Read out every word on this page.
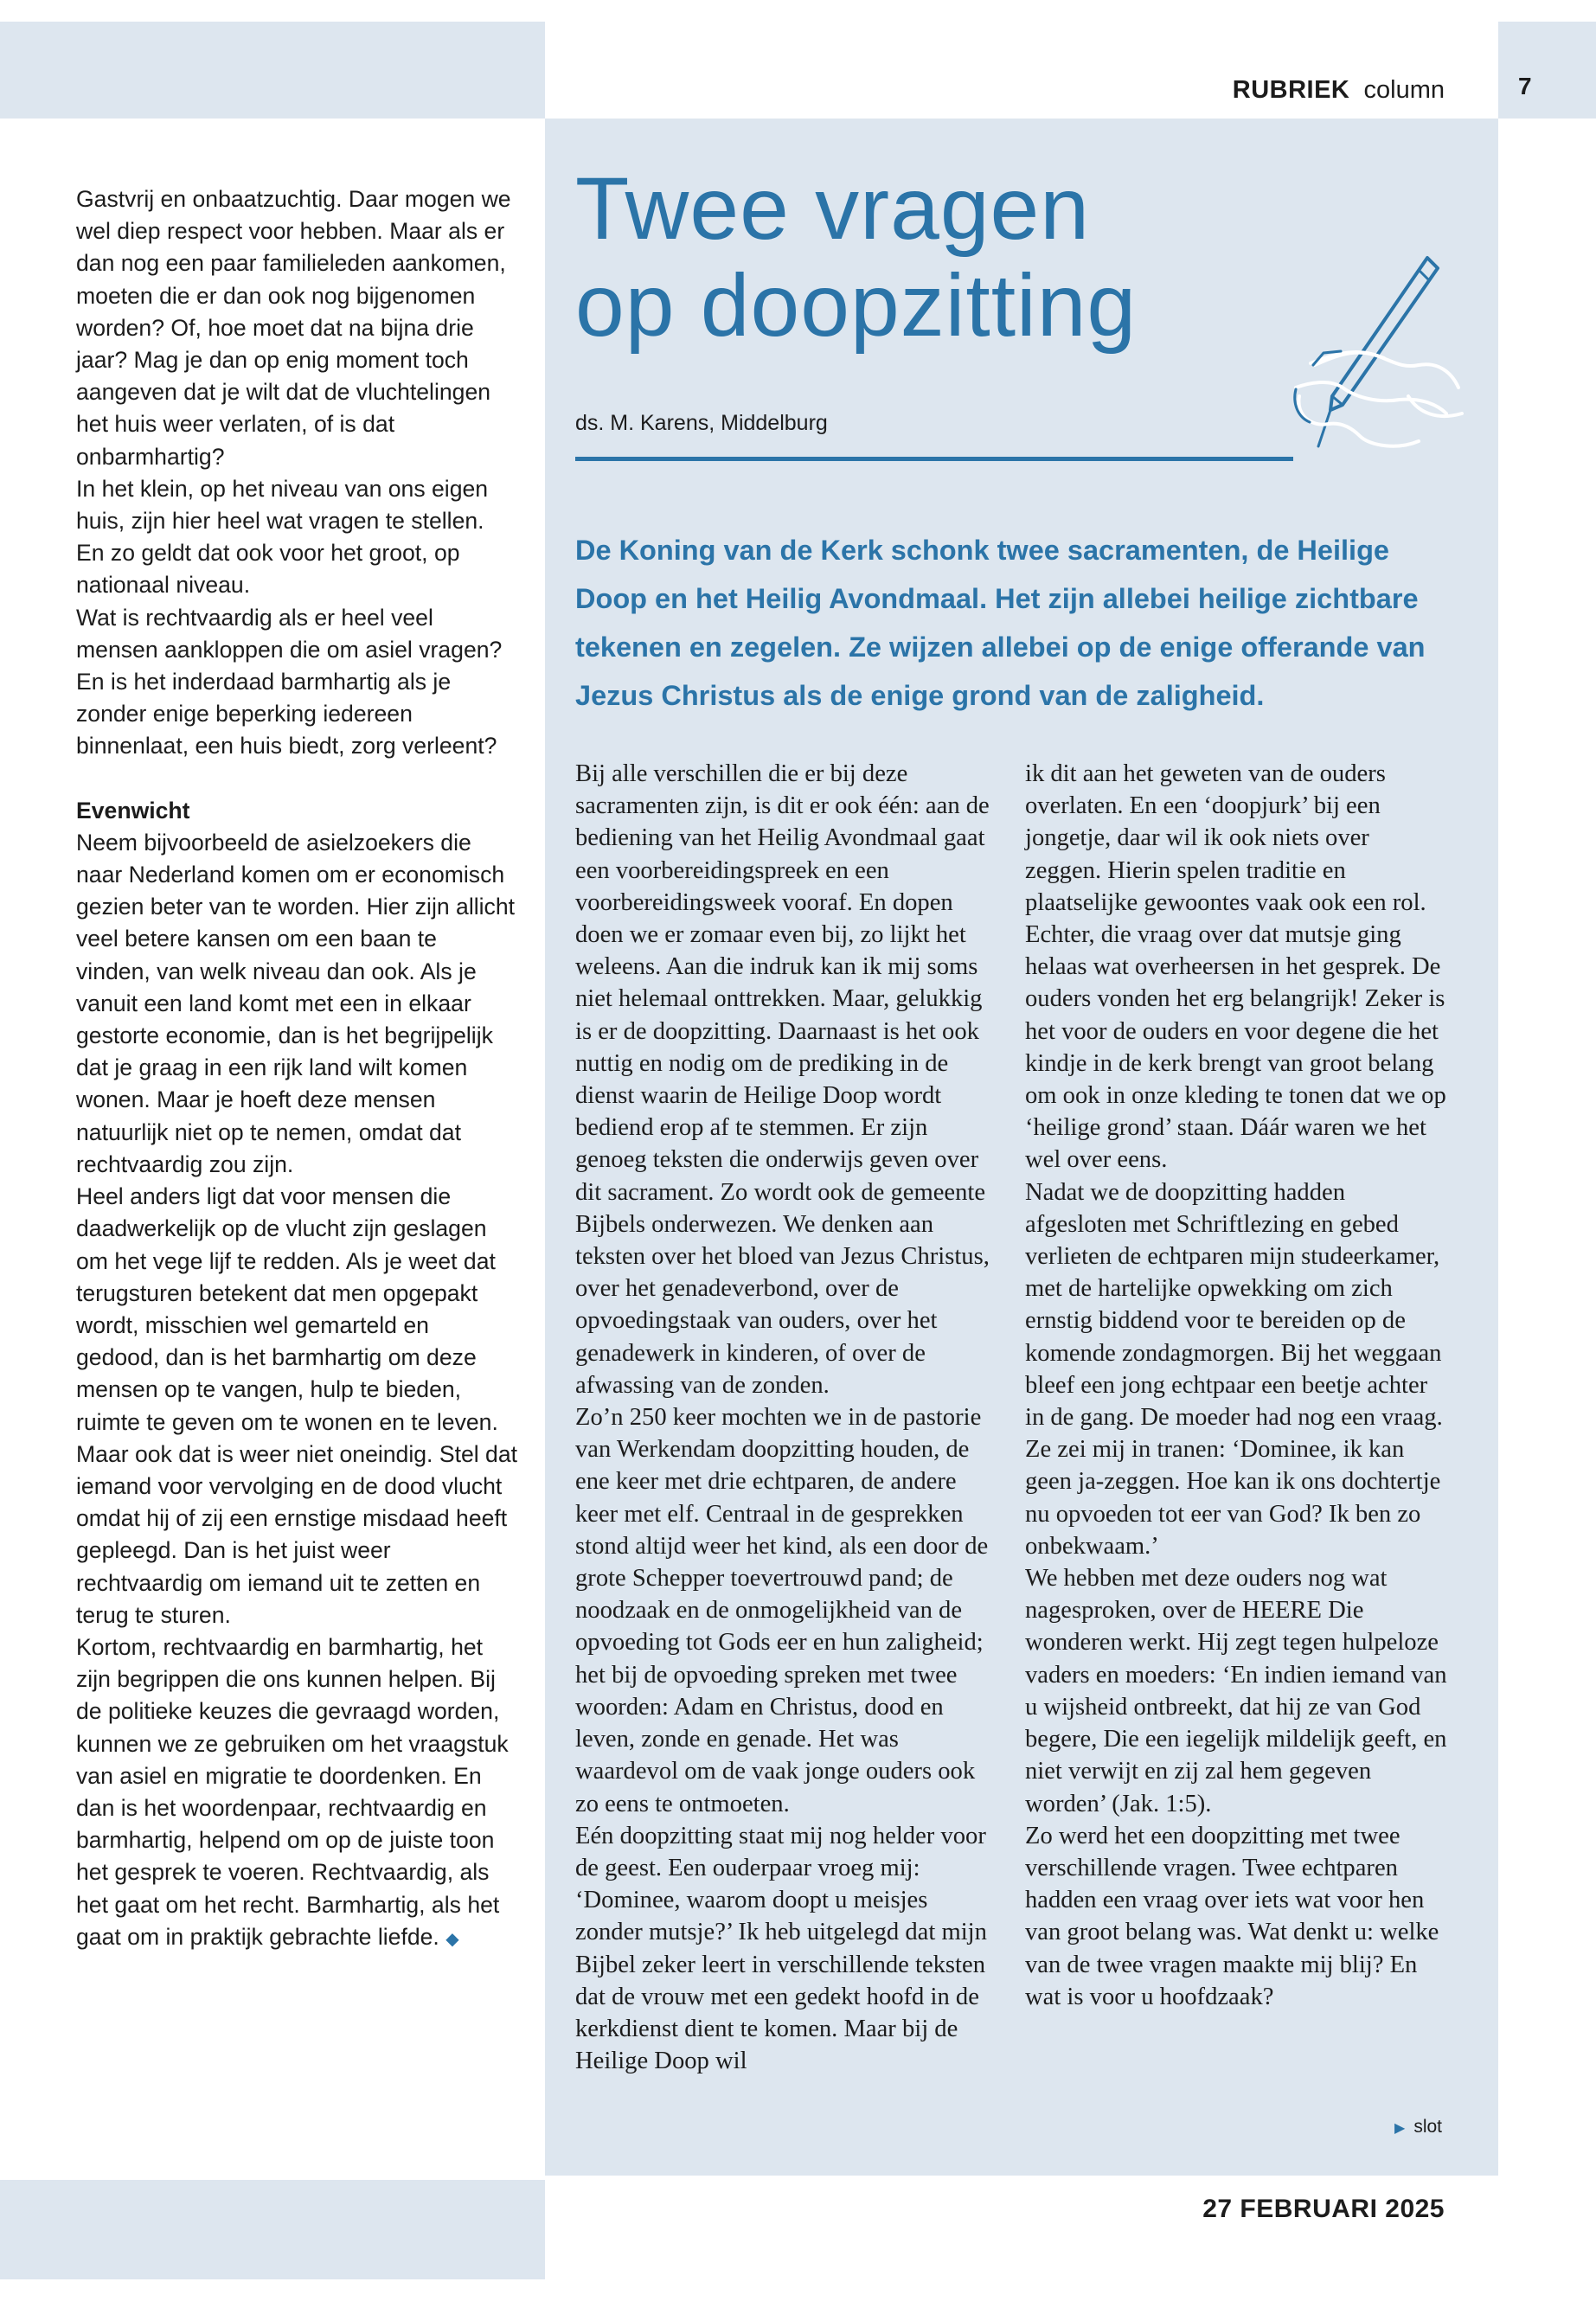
RUBRIEK column	7

Gastvrij en onbaatzuchtig. Daar mogen we wel diep respect voor hebben. Maar als er dan nog een paar familieleden aankomen, moeten die er dan ook nog bijgenomen worden? Of, hoe moet dat na bijna drie jaar? Mag je dan op enig moment toch aangeven dat je wilt dat de vluchtelingen het huis weer verlaten, of is dat onbarmhartig?

In het klein, op het niveau van ons eigen huis, zijn hier heel wat vragen te stellen. En zo geldt dat ook voor het groot, op nationaal niveau.

Wat is rechtvaardig als er heel veel mensen aankloppen die om asiel vragen? En is het inderdaad barmhartig als je zonder enige beperking iedereen binnenlaat, een huis biedt, zorg verleent?

Evenwicht

Neem bijvoorbeeld de asielzoekers die naar Nederland komen om er economisch gezien beter van te worden. Hier zijn allicht veel betere kansen om een baan te vinden, van welk niveau dan ook. Als je vanuit een land komt met een in elkaar gestorte economie, dan is het begrijpelijk dat je graag in een rijk land wilt komen wonen. Maar je hoeft deze mensen natuurlijk niet op te nemen, omdat dat rechtvaardig zou zijn.

Heel anders ligt dat voor mensen die daadwerkelijk op de vlucht zijn geslagen om het vege lijf te redden. Als je weet dat terugsturen betekent dat men opgepakt wordt, misschien wel gemarteld en gedood, dan is het barmhartig om deze mensen op te vangen, hulp te bieden, ruimte te geven om te wonen en te leven. Maar ook dat is weer niet oneindig. Stel dat iemand voor vervolging en de dood vlucht omdat hij of zij een ernstige misdaad heeft gepleegd. Dan is het juist weer rechtvaardig om iemand uit te zetten en terug te sturen.

Kortom, rechtvaardig en barmhartig, het zijn begrippen die ons kunnen helpen. Bij de politieke keuzes die gevraagd worden, kunnen we ze gebruiken om het vraagstuk van asiel en migratie te doordenken. En dan is het woordenpaar, rechtvaardig en barmhartig, helpend om op de juiste toon het gesprek te voeren. Rechtvaardig, als het gaat om het recht. Barmhartig, als het gaat om in praktijk gebrachte liefde. ◆

Twee vragen
op doopzitting
ds. M. Karens, Middelburg

De Koning van de Kerk schonk twee sacramenten, de Heilige Doop en het Heilig Avondmaal. Het zijn allebei heilige zichtbare tekenen en zegelen. Ze wijzen allebei op de enige offerande van Jezus Christus als de enige grond van de zaligheid.

Bij alle verschillen die er bij deze sacramenten zijn, is dit er ook één: aan de bediening van het Heilig Avondmaal gaat een voorbereidingspreek en een voorbereidingsweek vooraf. En dopen doen we er zomaar even bij, zo lijkt het weleens. Aan die indruk kan ik mij soms niet helemaal onttrekken. Maar, gelukkig is er de doopzitting. Daarnaast is het ook nuttig en nodig om de prediking in de dienst waarin de Heilige Doop wordt bediend erop af te stemmen. Er zijn genoeg teksten die onderwijs geven over dit sacrament. Zo wordt ook de gemeente Bijbels onderwezen. We denken aan teksten over het bloed van Jezus Christus, over het genadeverbond, over de opvoedingstaak van ouders, over het genadewerk in kinderen, of over de afwassing van de zonden.

Zo’n 250 keer mochten we in de pastorie van Werkendam doopzitting houden, de ene keer met drie echtparen, de andere keer met elf. Centraal in de gesprekken stond altijd weer het kind, als een door de grote Schepper toevertrouwd pand; de noodzaak en de onmogelijkheid van de opvoeding tot Gods eer en hun zaligheid; het bij de opvoeding spreken met twee woorden: Adam en Christus, dood en leven, zonde en genade. Het was waardevol om de vaak jonge ouders ook zo eens te ontmoeten.

Eén doopzitting staat mij nog helder voor de geest. Een ouderpaar vroeg mij: ‘Dominee, waarom doopt u meisjes zonder mutsje?’ Ik heb uitgelegd dat mijn Bijbel zeker leert in verschillende teksten dat de vrouw met een gedekt hoofd in de kerkdienst dient te komen. Maar bij de Heilige Doop wil

ik dit aan het geweten van de ouders overlaten. En een ‘doopjurk’ bij een jongetje, daar wil ik ook niets over zeggen. Hierin spelen traditie en plaatselijke gewoontes vaak ook een rol.

Echter, die vraag over dat mutsje ging helaas wat overheersen in het gesprek. De ouders vonden het erg belangrijk! Zeker is het voor de ouders en voor degene die het kindje in de kerk brengt van groot belang om ook in onze kleding te tonen dat we op ‘heilige grond’ staan. Dáár waren we het wel over eens.

Nadat we de doopzitting hadden afgesloten met Schriftlezing en gebed verlieten de echtparen mijn studeerkamer, met de hartelijke opwekking om zich ernstig biddend voor te bereiden op de komende zondagmorgen. Bij het weggaan bleef een jong echtpaar een beetje achter in de gang. De moeder had nog een vraag. Ze zei mij in tranen: ‘Dominee, ik kan geen ja-zeggen. Hoe kan ik ons dochtertje nu opvoeden tot eer van God? Ik ben zo onbekwaam.’

We hebben met deze ouders nog wat nagesproken, over de HEERE Die wonderen werkt. Hij zegt tegen hulpeloze vaders en moeders: ‘En indien iemand van u wijsheid ontbreekt, dat hij ze van God begere, Die een iegelijk mildelijk geeft, en niet verwijt en zij zal hem gegeven worden’ (Jak. 1:5).

Zo werd het een doopzitting met twee verschillende vragen. Twee echtparen hadden een vraag over iets wat voor hen van groot belang was. Wat denkt u: welke van de twee vragen maakte mij blij? En wat is voor u hoofdzaak?

▶ slot
27 FEBRUARI 2025
